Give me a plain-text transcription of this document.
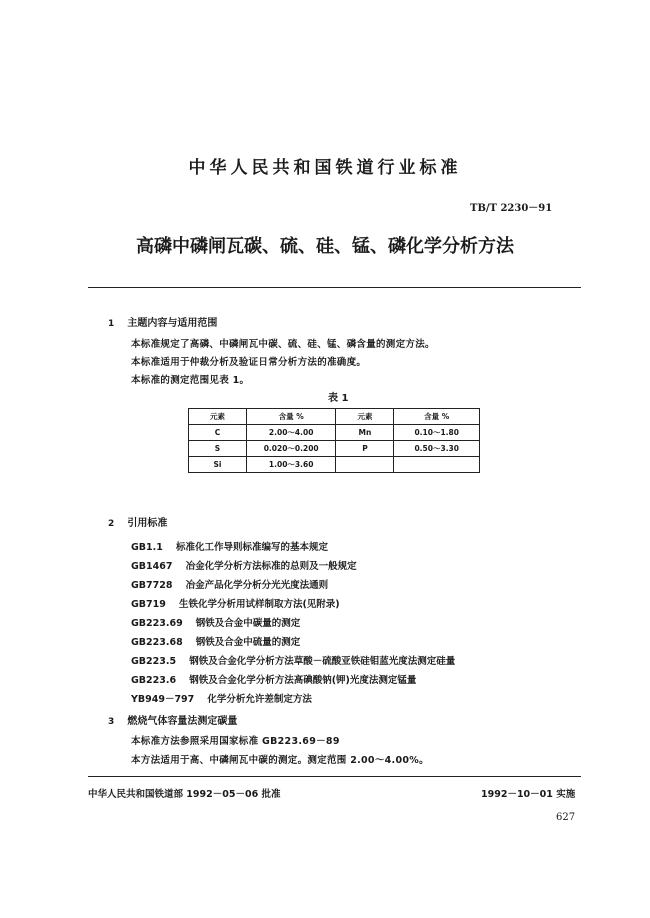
中华人民共和国铁道行业标准
TB/T 2230－91
高磷中磷闸瓦碳、硫、硅、锰、磷化学分析方法
1 主题内容与适用范围
本标准规定了高磷、中磷闸瓦中碳、硫、硅、锰、磷含量的测定方法。
本标准适用于仲裁分析及验证日常分析方法的准确度。
本标准的测定范围见表 1。
表 1
元素	含量 %	元素	含量 %
C	2.00～4.00	Mn	0.10～1.80
S	0.020～0.200	P	0.50～3.30
Si	1.00～3.60		
2 引用标准
GB1.1 标准化工作导则标准编写的基本规定
GB1467 冶金化学分析方法标准的总则及一般规定
GB7728 冶金产品化学分析分光光度法通则
GB719 生铁化学分析用试样制取方法(见附录)
GB223.69 钢铁及合金中碳量的测定
GB223.68 钢铁及合金中硫量的测定
GB223.5 钢铁及合金化学分析方法草酸－硫酸亚铁硅钼蓝光度法测定硅量
GB223.6 钢铁及合金化学分析方法高碘酸钠(钾)光度法测定锰量
YB949－797 化学分析允许差制定方法
3 燃烧气体容量法测定碳量
本标准方法参照采用国家标准 GB223.69－89
本方法适用于高、中磷闸瓦中碳的测定。测定范围 2.00～4.00%。
中华人民共和国铁道部 1992－05－06 批准	1992－10－01 实施
627
